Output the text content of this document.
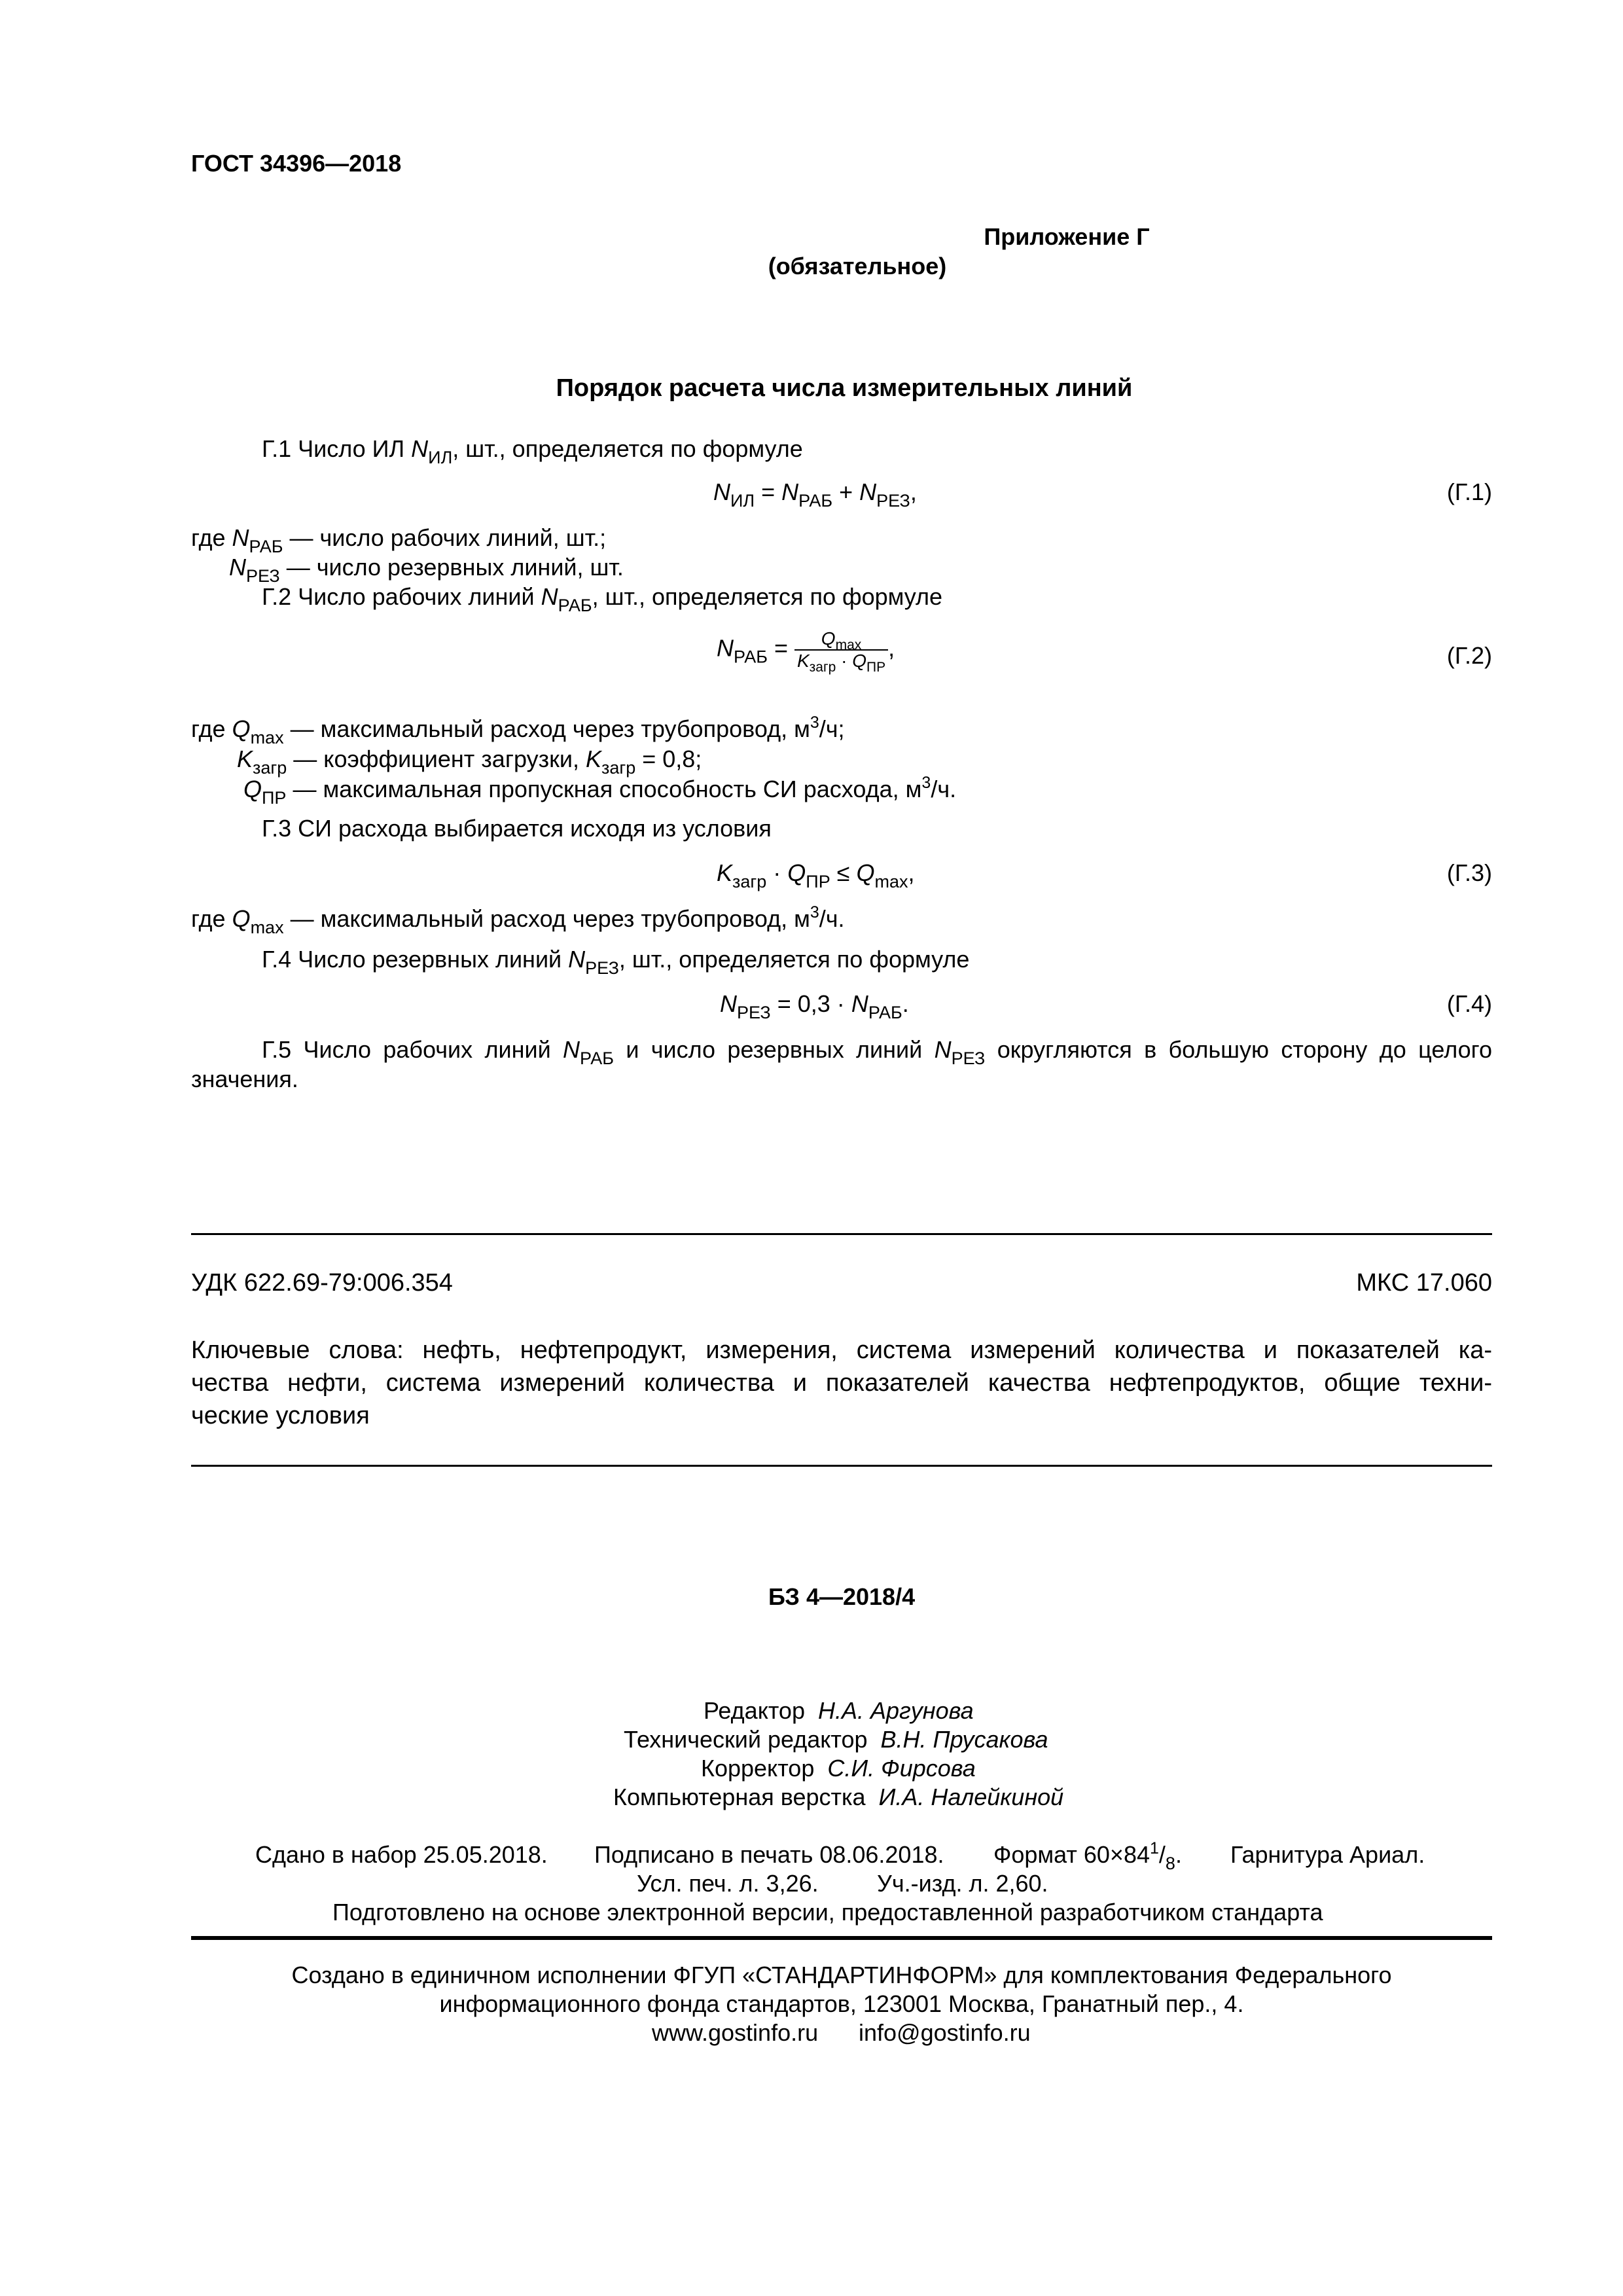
ГОСТ 34396—2018
Приложение Г
(обязательное)
Порядок расчета числа измерительных линий
Г.1 Число ИЛ $N_{ИЛ}$, шт., определяется по формуле
$N_{ИЛ} = N_{РАБ} + N_{РЕЗ}$,	(Г.1)
где $N_{РАБ}$ — число рабочих линий, шт.;
$N_{РЕЗ}$ — число резервных линий, шт.
Г.2 Число рабочих линий $N_{РАБ}$, шт., определяется по формуле
$N_{РАБ} = \frac{Q_{max}}{K_{загр} \cdot Q_{ПР}}$ ,	(Г.2)
где $Q_{max}$ — максимальный расход через трубопровод, $м^3/ч$;
$K_{загр}$ — коэффициент загрузки, $K_{загр} = 0,8$;
$Q_{ПР}$ — максимальная пропускная способность СИ расхода, $м^3/ч$.
Г.3 СИ расхода выбирается исходя из условия
$K_{загр} \cdot Q_{ПР} \le Q_{max}$,	(Г.3)
где $Q_{max}$ — максимальный расход через трубопровод, $м^3/ч$.
Г.4 Число резервных линий $N_{РЕЗ}$, шт., определяется по формуле
$N_{РЕЗ} = 0,3 \cdot N_{РАБ}$.	(Г.4)
Г.5 Число рабочих линий $N_{РАБ}$ и число резервных линий $N_{РЕЗ}$ округляются в большую сторону до целого
значения.
УДК 622.69-79:006.354	МКС 17.060
Ключевые слова: нефть, нефтепродукт, измерения, система измерений количества и показателей ка-
чества нефти, система измерений количества и показателей качества нефтепродуктов, общие техни-
ческие условия
БЗ 4—2018/4
Редактор Н.А. Аргунова
Технический редактор В.Н. Прусакова
Корректор С.И. Фирсова
Компьютерная верстка И.А. Налейкиной
Сдано в набор 25.05.2018. Подписано в печать 08.06.2018. Формат $60\times 84^1/_8$. Гарнитура Ариал.
Усл. печ. л. 3,26. Уч.-изд. л. 2,60.
Подготовлено на основе электронной версии, предоставленной разработчиком стандарта
Создано в единичном исполнении ФГУП «СТАНДАРТИНФОРМ» для комплектования Федерального
информационного фонда стандартов, 123001 Москва, Гранатный пер., 4.
www.gostinfo.ru info@gostinfo.ru
